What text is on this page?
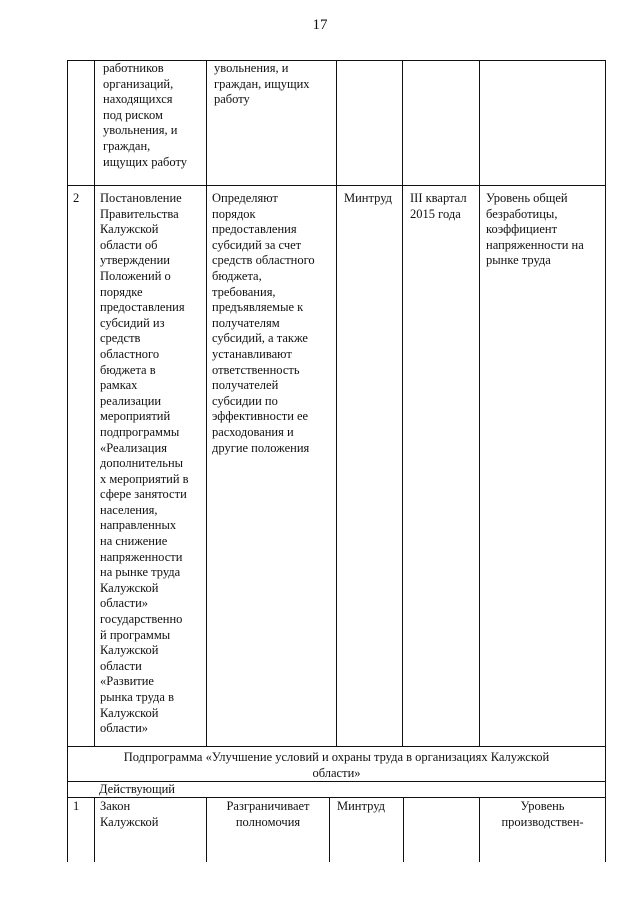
17

работников
организаций,
находящихся
под риском
увольнения, и
граждан,
ищущих работу

увольнения, и
граждан, ищущих
работу

2 Постановление
Правительства
Калужской
области об
утверждении
Положений о
порядке
предоставления
субсидий из
средств
областного
бюджета в
рамках
реализации
мероприятий
подпрограммы
«Реализация
дополнительны
х мероприятий в
сфере занятости
населения,
направленных
на снижение
напряженности
на рынке труда
Калужской
области»
государственно
й программы
Калужской
области
«Развитие
рынка труда в
Калужской
области»

Определяют
порядок
предоставления
субсидий за счет
средств областного
бюджета,
требования,
предъявляемые к
получателям
субсидий, а также
устанавливают
ответственность
получателей
субсидии по
эффективности ее
расходования и
другие положения

Минтруд III квартал
2015 года

Уровень общей
безработицы,
коэффициент
напряженности на
рынке труда

Подпрограмма «Улучшение условий и охраны труда в организациях Калужской
области»

Действующий

1 Закон
Калужской

Разграничивает
полномочия

Минтруд	Уровень
производствен-
